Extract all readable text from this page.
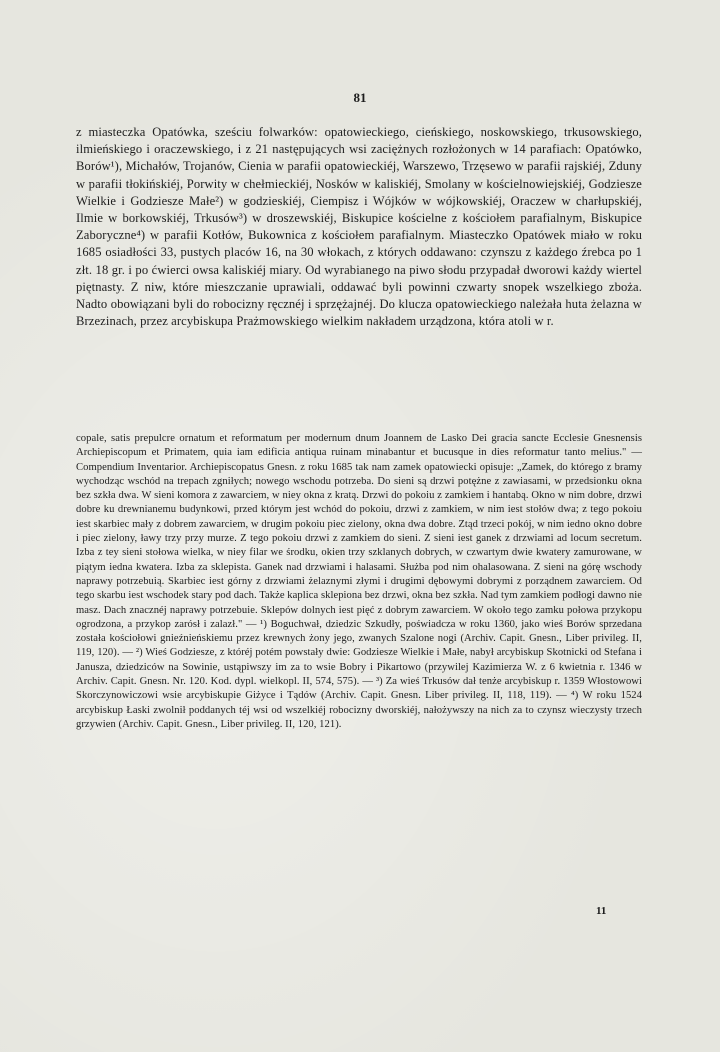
81

z miasteczka Opatówka, sześciu folwarków: opatowieckiego, cieńskiego, noskowskiego, trkusowskiego, ilmieńskiego i oraczewskiego, i z 21 następujących wsi zaciężnych rozłożonych w 14 parafiach: Opatówko, Borów¹), Michałów, Trojanów, Cienia w parafii opatowieckiéj, Warszewo, Trzęsewo w parafii rajskiéj, Zduny w parafii tłokińskiéj, Porwity w chełmieckiéj, Nosków w kaliskiéj, Smolany w kościelnowiejskiéj, Godziesze Wielkie i Godziesze Małe²) w godzieskiéj, Ciempisz i Wójków w wójkowskiéj, Oraczew w charłupskiéj, Ilmie w borkowskiéj, Trkusów³) w droszewskiéj, Biskupice kościelne z kościołem parafialnym, Biskupice Zaboryczne⁴) w parafii Kotłów, Bukownica z kościołem parafialnym. Miasteczko Opatówek miało w roku 1685 osiadłości 33, pustych placów 16, na 30 włokach, z których oddawano: czynszu z każdego źrebca po 1 złt. 18 gr. i po ćwierci owsa kaliskiéj miary. Od wyrabianego na piwo słodu przypadał dworowi każdy wiertel piętnasty. Z niw, które mieszczanie uprawiali, oddawać byli powinni czwarty snopek wszelkiego zboża. Nadto obowiązani byli do robocizny ręcznéj i sprzężajnéj. Do klucza opatowieckiego należała huta żelazna w Brzezinach, przez arcybiskupa Prażmowskiego wielkim nakładem urządzona, która atoli w r.

copale, satis prepulcre ornatum et reformatum per modernum dnum Joannem de Lasko Dei gracia sancte Ecclesie Gnesnensis Archiepiscopum et Primatem, quia iam edificia antiqua ruinam minabantur et bucusque in dies reformatur tanto melius." — Compendium Inventarior. Archiepiscopatus Gnesn. z roku 1685 tak nam zamek opatowiecki opisuje: „Zamek, do którego z bramy wychodząc wschód na trepach zgniłych; nowego wschodu potrzeba. Do sieni są drzwi potężne z zawiasami, w przedsionku okna bez szkła dwa. W sieni komora z zawarciem, w niey okna z kratą. Drzwi do pokoiu z zamkiem i hantabą. Okno w nim dobre, drzwi dobre ku drewnianemu budynkowi, przed którym jest wchód do pokoiu, drzwi z zamkiem, w nim iest stołów dwa; z tego pokoiu iest skarbiec mały z dobrem zawarciem, w drugim pokoiu piec zielony, okna dwa dobre. Ztąd trzeci pokój, w nim iedno okno dobre i piec zielony, ławy trzy przy murze. Z tego pokoiu drzwi z zamkiem do sieni. Z sieni iest ganek z drzwiami ad locum secretum. Izba z tey sieni stołowa wielka, w niey filar we środku, okien trzy szklanych dobrych, w czwartym dwie kwatery zamurowane, w piątym iedna kwatera. Izba za sklepista. Ganek nad drzwiami i halasami. Służba pod nim ohalasowana. Z sieni na górę wschody naprawy potrzebuią. Skarbiec iest górny z drzwiami żelaznymi złymi i drugimi dębowymi dobrymi z porządnem zawarciem. Od tego skarbu iest wschodek stary pod dach. Także kaplica sklepiona bez drzwi, okna bez szkła. Nad tym zamkiem podłogi dawno nie masz. Dach znacznéj naprawy potrzebuie. Sklepów dolnych iest pięć z dobrym zawarciem. W około tego zamku połowa przykopu ogrodzona, a przykop zarósł i zalazł." — ¹) Boguchwał, dziedzic Szkudły, poświadcza w roku 1360, jako wieś Borów sprzedana została kościołowi gnieźnieńskiemu przez krewnych żony jego, zwanych Szalone nogi (Archiv. Capit. Gnesn., Liber privileg. II, 119, 120). — ²) Wieś Godziesze, z któréj potém powstały dwie: Godziesze Wielkie i Małe, nabył arcybiskup Skotnicki od Stefana i Janusza, dziedziców na Sowinie, ustąpiwszy im za to wsie Bobry i Pikartowo (przywilej Kazimierza W. z 6 kwietnia r. 1346 w Archiv. Capit. Gnesn. Nr. 120. Kod. dypl. wielkopl. II, 574, 575). — ³) Za wieś Trkusów dał tenże arcybiskup r. 1359 Włostowowi Skorczynowiczowi wsie arcybiskupie Giżyce i Tądów (Archiv. Capit. Gnesn. Liber privileg. II, 118, 119). — ⁴) W roku 1524 arcybiskup Łaski zwolnił poddanych téj wsi od wszelkiéj robocizny dworskiéj, nałożywszy na nich za to czynsz wieczysty trzech grzywien (Archiv. Capit. Gnesn., Liber privileg. II, 120, 121).

11
